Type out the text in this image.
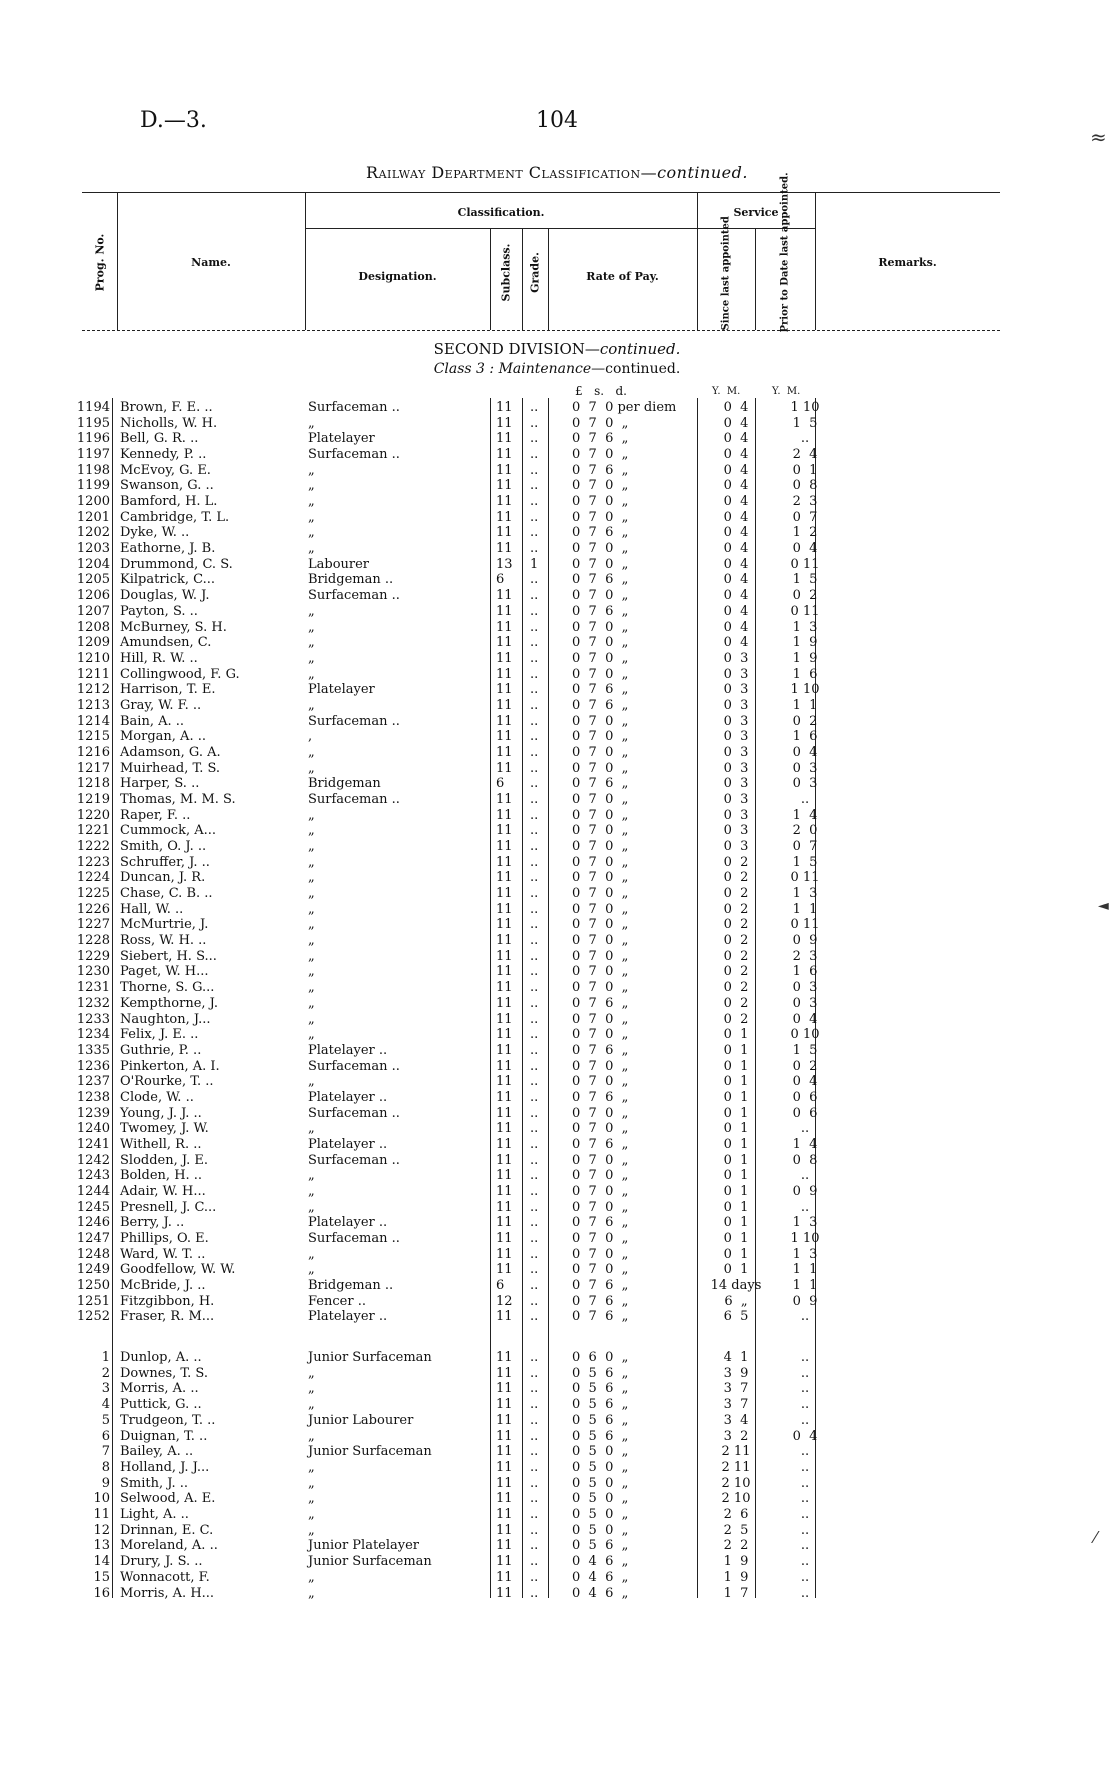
D.—3.	104
Railway Department Classification—continued.
Prog. No.	Name.
Classification.
Designation.	Subclass. Grade.	Rate of Pay.
Service
Since last appointed	Prior to Date last appointed.	Remarks.
SECOND DIVISION—continued.
Class 3 : Maintenance—continued.
£   s.   d.	Y.  M.	Y.  M.
1194 Brown, F. E. ..	Surfaceman ..	11 ..	0  7  0 per diem	0  4	1 10
1195 Nicholls, W. H.	„	11 ..	0  7  0  „	0  4	1  5
1196 Bell, G. R. ..	Platelayer	11 ..	0  7  6  „	0  4	..
1197 Kennedy, P. ..	Surfaceman ..	11 ..	0  7  0  „	0  4	2  4
1198 McEvoy, G. E.	„	11 ..	0  7  6  „	0  4	0  1
1199 Swanson, G. ..	„	11 ..	0  7  0  „	0  4	0  8
1200 Bamford, H. L.	„	11 ..	0  7  0  „	0  4	2  3
1201 Cambridge, T. L.	„	11 ..	0  7  0  „	0  4	0  7
1202 Dyke, W. ..	„	11 ..	0  7  6  „	0  4	1  2
1203 Eathorne, J. B.	„	11 ..	0  7  0  „	0  4	0  4
1204 Drummond, C. S.	Labourer	13 1	0  7  0  „	0  4	0 11
1205 Kilpatrick, C...	Bridgeman ..	6 ..	0  7  6  „	0  4	1  5
1206 Douglas, W. J.	Surfaceman ..	11 ..	0  7  0  „	0  4	0  2
1207 Payton, S. ..	„	11 ..	0  7  6  „	0  4	0 11
1208 McBurney, S. H.	„	11 ..	0  7  0  „	0  4	1  3
1209 Amundsen, C.	„	11 ..	0  7  0  „	0  4	1  9
1210 Hill, R. W. ..	„	11 ..	0  7  0  „	0  3	1  9
1211 Collingwood, F. G.	„	11 ..	0  7  0  „	0  3	1  6
1212 Harrison, T. E.	Platelayer	11 ..	0  7  6  „	0  3	1 10
1213 Gray, W. F. ..	„	11 ..	0  7  6  „	0  3	1  1
1214 Bain, A. ..	Surfaceman ..	11 ..	0  7  0  „	0  3	0  2
1215 Morgan, A. ..	,	11 ..	0  7  0  „	0  3	1  6
1216 Adamson, G. A.	„	11 ..	0  7  0  „	0  3	0  4
1217 Muirhead, T. S.	„	11 ..	0  7  0  „	0  3	0  3
1218 Harper, S. ..	Bridgeman	6 ..	0  7  6  „	0  3	0  3
1219 Thomas, M. M. S.	Surfaceman ..	11 ..	0  7  0  „	0  3	..
1220 Raper, F. ..	„	11 ..	0  7  0  „	0  3	1  4
1221 Cummock, A...	„	11 ..	0  7  0  „	0  3	2  0
1222 Smith, O. J. ..	„	11 ..	0  7  0  „	0  3	0  7
1223 Schruffer, J. ..	„	11 ..	0  7  0  „	0  2	1  5
1224 Duncan, J. R.	„	11 ..	0  7  0  „	0  2	0 11
1225 Chase, C. B. ..	„	11 ..	0  7  0  „	0  2	1  3
1226 Hall, W. ..	„	11 ..	0  7  0  „	0  2	1  1
1227 McMurtrie, J.	„	11 ..	0  7  0  „	0  2	0 11
1228 Ross, W. H. ..	„	11 ..	0  7  0  „	0  2	0  9
1229 Siebert, H. S...	„	11 ..	0  7  0  „	0  2	2  3
1230 Paget, W. H...	„	11 ..	0  7  0  „	0  2	1  6
1231 Thorne, S. G...	„	11 ..	0  7  0  „	0  2	0  3
1232 Kempthorne, J.	„	11 ..	0  7  6  „	0  2	0  3
1233 Naughton, J...	„	11 ..	0  7  0  „	0  2	0  4
1234 Felix, J. E. ..	„	11 ..	0  7  0  „	0  1	0 10
1335 Guthrie, P. ..	Platelayer ..	11 ..	0  7  6  „	0  1	1  5
1236 Pinkerton, A. I.	Surfaceman ..	11 ..	0  7  0  „	0  1	0  2
1237 O'Rourke, T. ..	„	11 ..	0  7  0  „	0  1	0  4
1238 Clode, W. ..	Platelayer ..	11 ..	0  7  6  „	0  1	0  6
1239 Young, J. J. ..	Surfaceman ..	11 ..	0  7  0  „	0  1	0  6
1240 Twomey, J. W.	„	11 ..	0  7  0  „	0  1	..
1241 Withell, R. ..	Platelayer ..	11 ..	0  7  6  „	0  1	1  4
1242 Slodden, J. E.	Surfaceman ..	11 ..	0  7  0  „	0  1	0  8
1243 Bolden, H. ..	„	11 ..	0  7  0  „	0  1	..
1244 Adair, W. H...	„	11 ..	0  7  0  „	0  1	0  9
1245 Presnell, J. C...	„	11 ..	0  7  0  „	0  1	..
1246 Berry, J. ..	Platelayer ..	11 ..	0  7  6  „	0  1	1  3
1247 Phillips, O. E.	Surfaceman ..	11 ..	0  7  0  „	0  1	1 10
1248 Ward, W. T. ..	„	11 ..	0  7  0  „	0  1	1  3
1249 Goodfellow, W. W.	„	11 ..	0  7  0  „	0  1	1  1
1250 McBride, J. ..	Bridgeman ..	6 ..	0  7  6  „	14 days	1  1
1251 Fitzgibbon, H.	Fencer ..	12 ..	0  7  6  „	6  „	0  9
1252 Fraser, R. M...	Platelayer ..	11 ..	0  7  6  „	6  5	..
1 Dunlop, A. ..	Junior Surfaceman	11 ..	0  6  0  „	4  1	..
2 Downes, T. S.	„	11 ..	0  5  6  „	3  9	..
3 Morris, A. ..	„	11 ..	0  5  6  „	3  7	..
4 Puttick, G. ..	„	11 ..	0  5  6  „	3  7	..
5 Trudgeon, T. ..	Junior Labourer	11 ..	0  5  6  „	3  4	..
6 Duignan, T. ..	„	11 ..	0  5  6  „	3  2	0  4
7 Bailey, A. ..	Junior Surfaceman	11 ..	0  5  0  „	2 11	..
8 Holland, J. J...	„	11 ..	0  5  0  „	2 11	..
9 Smith, J. ..	„	11 ..	0  5  0  „	2 10	..
10 Selwood, A. E.	„	11 ..	0  5  0  „	2 10	..
11 Light, A. ..	„	11 ..	0  5  0  „	2  6	..
12 Drinnan, E. C.	„	11 ..	0  5  0  „	2  5	..
13 Moreland, A. ..	Junior Platelayer	11 ..	0  5  6  „	2  2	..
14 Drury, J. S. ..	Junior Surfaceman	11 ..	0  4  6  „	1  9	..
15 Wonnacott, F.	„	11 ..	0  4  6  „	1  9	..
16 Morris, A. H...	„	11 ..	0  4  6  „	1  7	..
≈
◄
⁄
